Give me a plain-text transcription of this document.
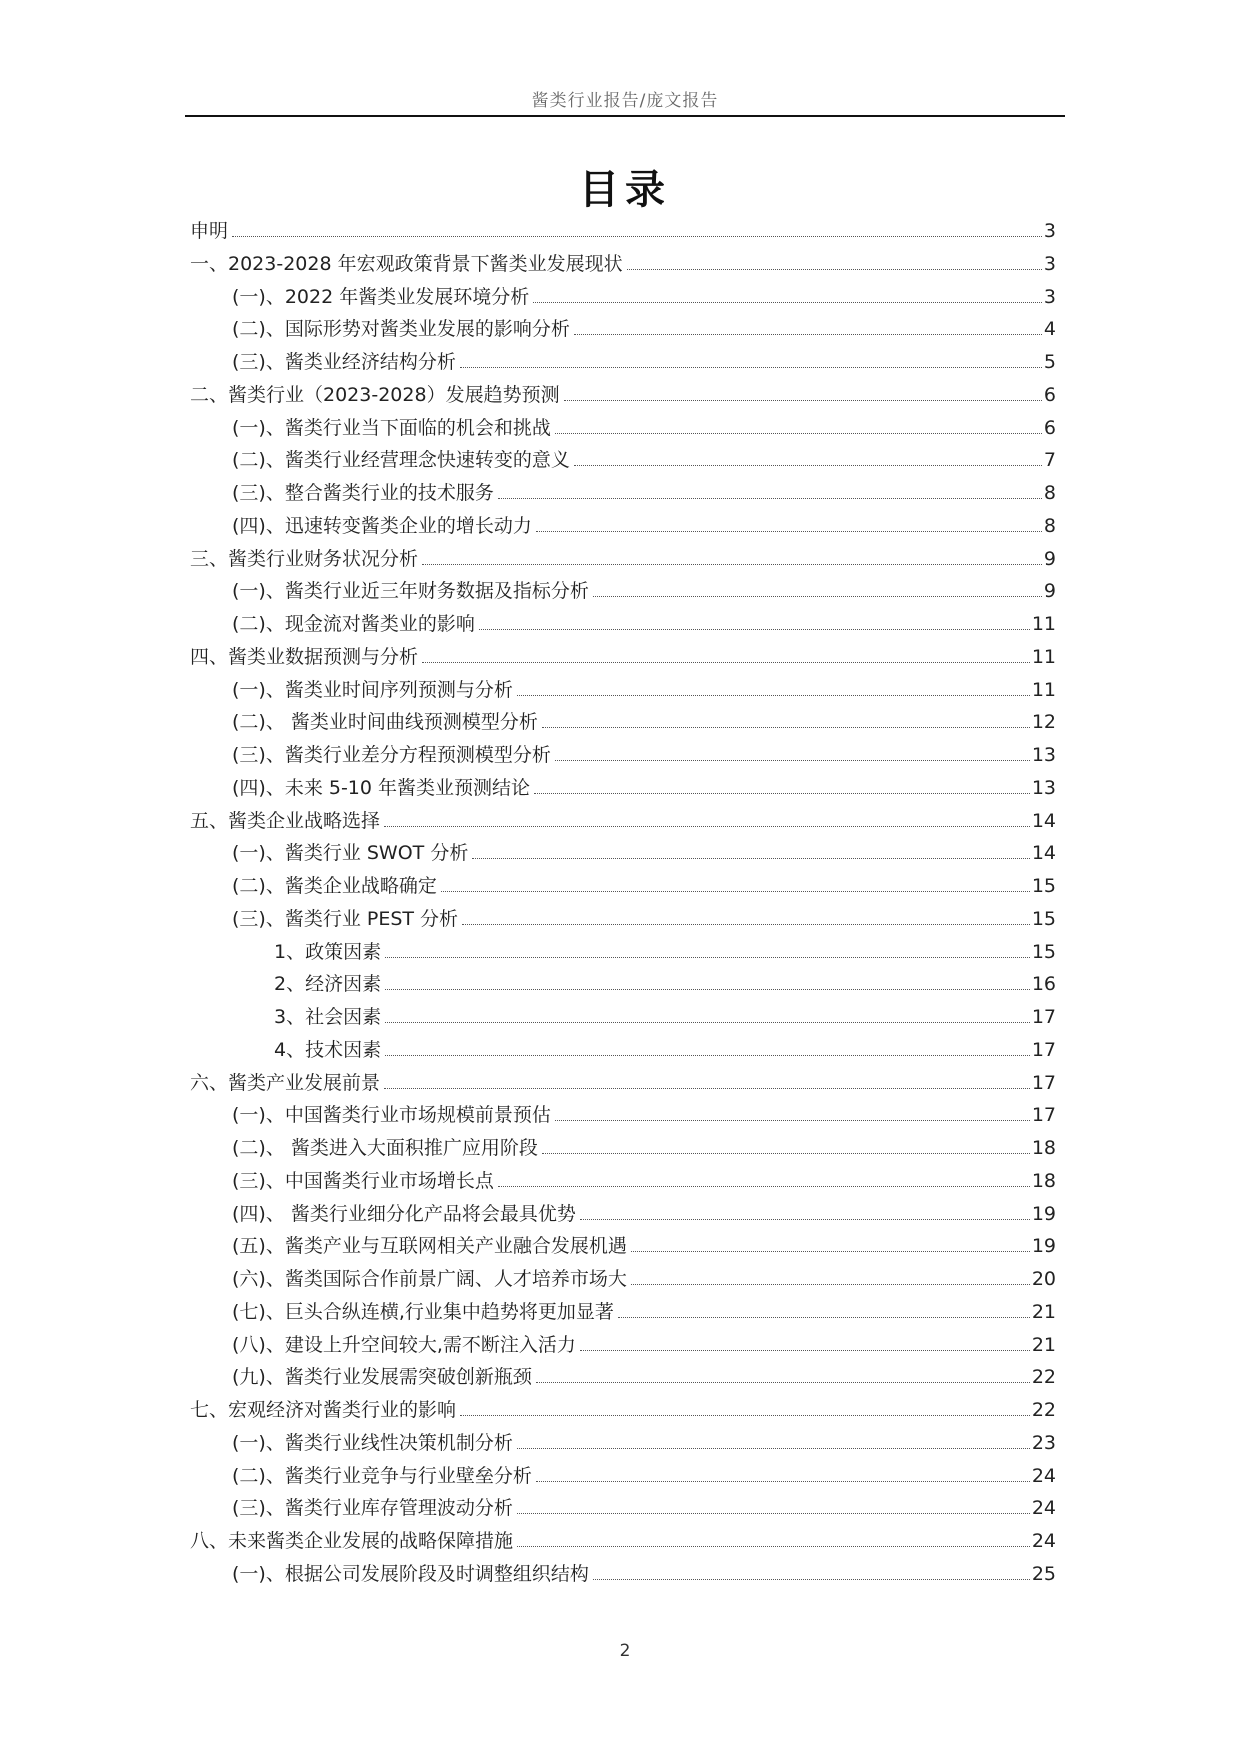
酱类行业报告/庞文报告
目录
申明	3
一、2023-2028 年宏观政策背景下酱类业发展现状	3
(一)、2022 年酱类业发展环境分析	3
(二)、国际形势对酱类业发展的影响分析	4
(三)、酱类业经济结构分析	5
二、酱类行业（2023-2028）发展趋势预测	6
(一)、酱类行业当下面临的机会和挑战	6
(二)、酱类行业经营理念快速转变的意义	7
(三)、整合酱类行业的技术服务	8
(四)、迅速转变酱类企业的增长动力	8
三、酱类行业财务状况分析	9
(一)、酱类行业近三年财务数据及指标分析	9
(二)、现金流对酱类业的影响	11
四、酱类业数据预测与分析	11
(一)、酱类业时间序列预测与分析	11
(二)、 酱类业时间曲线预测模型分析	12
(三)、酱类行业差分方程预测模型分析	13
(四)、未来 5-10 年酱类业预测结论	13
五、酱类企业战略选择	14
(一)、酱类行业 SWOT 分析	14
(二)、酱类企业战略确定	15
(三)、酱类行业 PEST 分析	15
1、政策因素	15
2、经济因素	16
3、社会因素	17
4、技术因素	17
六、酱类产业发展前景	17
(一)、中国酱类行业市场规模前景预估	17
(二)、 酱类进入大面积推广应用阶段	18
(三)、中国酱类行业市场增长点	18
(四)、 酱类行业细分化产品将会最具优势	19
(五)、酱类产业与互联网相关产业融合发展机遇	19
(六)、酱类国际合作前景广阔、人才培养市场大	20
(七)、巨头合纵连横,行业集中趋势将更加显著	21
(八)、建设上升空间较大,需不断注入活力	21
(九)、酱类行业发展需突破创新瓶颈	22
七、宏观经济对酱类行业的影响	22
(一)、酱类行业线性决策机制分析	23
(二)、酱类行业竞争与行业壁垒分析	24
(三)、酱类行业库存管理波动分析	24
八、未来酱类企业发展的战略保障措施	24
(一)、根据公司发展阶段及时调整组织结构	25
2
